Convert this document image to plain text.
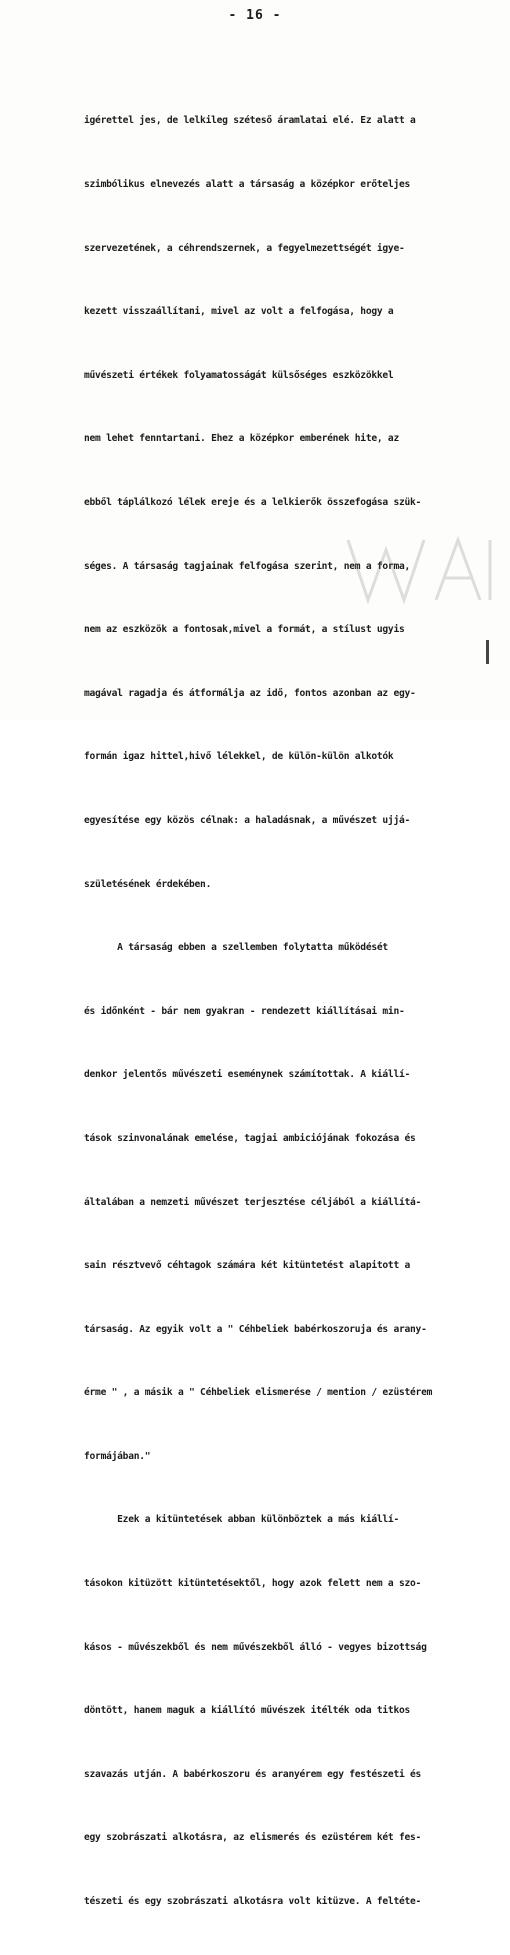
- 16 -

igérettel jes, de lelkileg széteső áramlatai elé. Ez alatt a

szimbólikus elnevezés alatt a társaság a középkor erőteljes

szervezetének, a céhrendszernek, a fegyelmezettségét igye-

kezett visszaállítani, mivel az volt a felfogása, hogy a

művészeti értékek folyamatosságát külsőséges eszközökkel

nem lehet fenntartani. Ehez a középkor emberének hite, az

ebből táplálkozó lélek ereje és a lelkierők összefogása szük-

séges. A társaság tagjainak felfogása szerint, nem a forma,

nem az eszközök a fontosak,mivel a formát, a stílust ugyis

magával ragadja és átformálja az idő, fontos azonban az egy-

formán igaz hittel,hivő lélekkel, de külön-külön alkotók

egyesítése egy közös célnak: a haladásnak, a művészet ujjá-

születésének érdekében.

A társaság ebben a szellemben folytatta működését

és időnként - bár nem gyakran - rendezett kiállításai min-

denkor jelentős művészeti eseménynek számítottak. A kiállí-

tások szinvonalának emelése, tagjai ambiciójának fokozása és

általában a nemzeti művészet terjesztése céljából a kiállítá-

sain résztvevő céhtagok számára két kitüntetést alapitott a

társaság. Az egyik volt a " Céhbeliek babérkoszoruja és arany-

érme " , a másik a " Céhbeliek elismerése / mention / ezüstérem

formájában."

Ezek a kitüntetések abban különböztek a más kiállí-

tásokon kitüzött kitüntetésektől, hogy azok felett nem a szo-

kásos - művészekből és nem művészekből álló - vegyes bizottság

döntött, hanem maguk a kiállító művészek itélték oda titkos

szavazás utján. A babérkoszoru és aranyérem egy festészeti és

egy szobrászati alkotásra, az elismerés és ezüstérem két fes-

tészeti és egy szobrászati alkotásra volt kitüzve. A feltéte-
